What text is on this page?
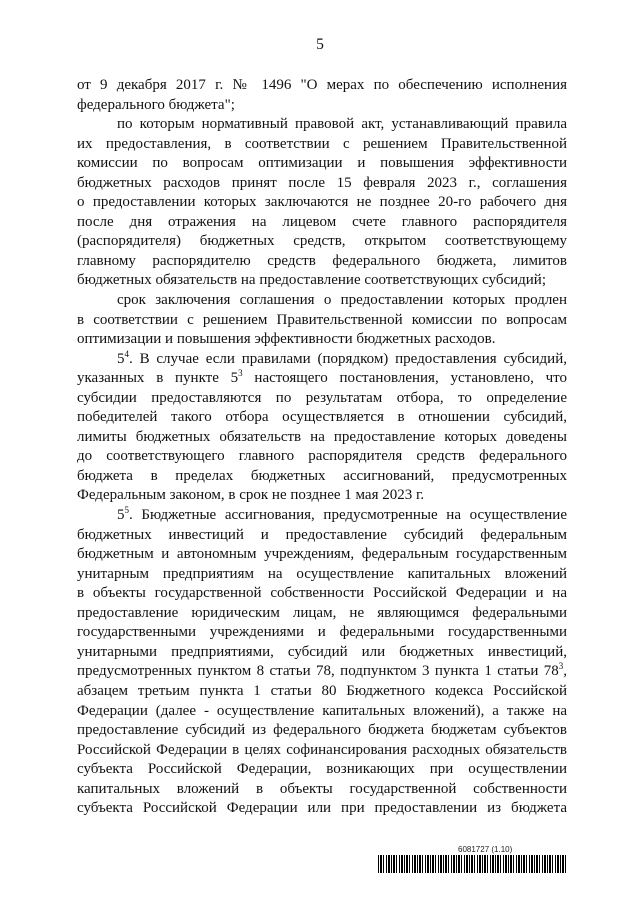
5
от 9 декабря 2017 г. № 1496 "О мерах по обеспечению исполнения
федерального бюджета";
по которым нормативный правовой акт, устанавливающий правила
их предоставления, в соответствии с решением Правительственной
комиссии по вопросам оптимизации и повышения эффективности
бюджетных расходов принят после 15 февраля 2023 г., соглашения
о предоставлении которых заключаются не позднее 20-го рабочего дня
после дня отражения на лицевом счете главного распорядителя
(распорядителя) бюджетных средств, открытом соответствующему
главному распорядителю средств федерального бюджета, лимитов
бюджетных обязательств на предоставление соответствующих субсидий;
срок заключения соглашения о предоставлении которых продлен
в соответствии с решением Правительственной комиссии по вопросам
оптимизации и повышения эффективности бюджетных расходов.
$5^4$. В случае если правилами (порядком) предоставления субсидий,
указанных в пункте $5^3$ настоящего постановления, установлено, что
субсидии предоставляются по результатам отбора, то определение
победителей такого отбора осуществляется в отношении субсидий,
лимиты бюджетных обязательств на предоставление которых доведены
до соответствующего главного распорядителя средств федерального
бюджета в пределах бюджетных ассигнований, предусмотренных
Федеральным законом, в срок не позднее 1 мая 2023 г.
$5^5$. Бюджетные ассигнования, предусмотренные на осуществление
бюджетных инвестиций и предоставление субсидий федеральным
бюджетным и автономным учреждениям, федеральным государственным
унитарным предприятиям на осуществление капитальных вложений
в объекты государственной собственности Российской Федерации и на
предоставление юридическим лицам, не являющимся федеральными
государственными учреждениями и федеральными государственными
унитарными предприятиями, субсидий или бюджетных инвестиций,
предусмотренных пунктом 8 статьи 78, подпунктом 3 пункта 1 статьи $78^3$,
абзацем третьим пункта 1 статьи 80 Бюджетного кодекса Российской
Федерации (далее - осуществление капитальных вложений), а также на
предоставление субсидий из федерального бюджета бюджетам субъектов
Российской Федерации в целях софинансирования расходных обязательств
субъекта Российской Федерации, возникающих при осуществлении
капитальных вложений в объекты государственной собственности
субъекта Российской Федерации или при предоставлении из бюджета
6081727 (1.10)
